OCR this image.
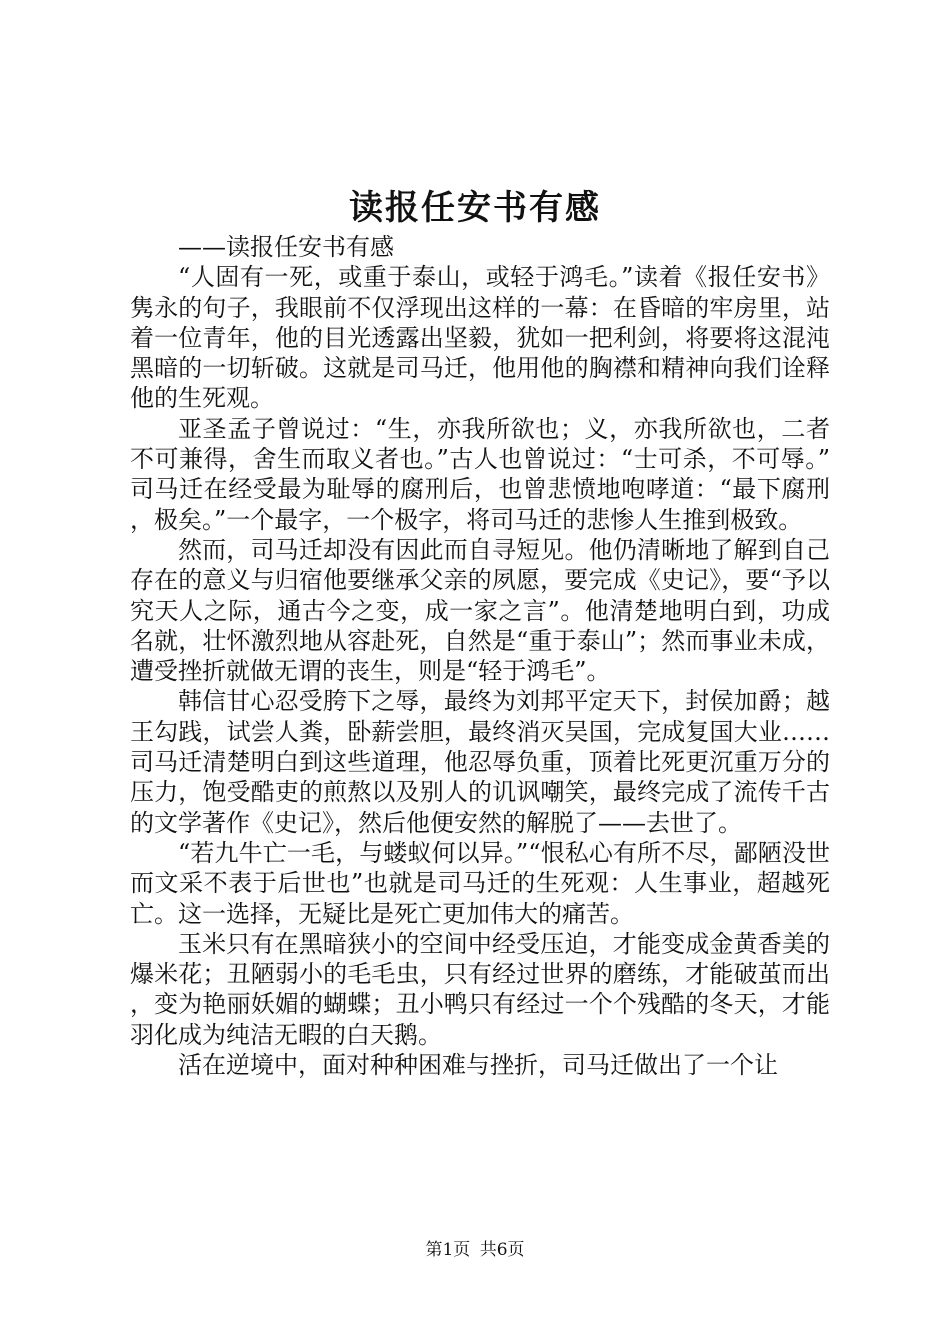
读报任安书有感

——读报任安书有感

“人固有一死，或重于泰山，或轻于鸿毛。”读着《报任安书》隽永的句子，我眼前不仅浮现出这样的一幕：在昏暗的牢房里，站着一位青年，他的目光透露出坚毅，犹如一把利剑，将要将这混沌黑暗的一切斩破。这就是司马迁，他用他的胸襟和精神向我们诠释他的生死观。

亚圣孟子曾说过：“生，亦我所欲也；义，亦我所欲也，二者不可兼得，舍生而取义者也。”古人也曾说过：“士可杀，不可辱。”司马迁在经受最为耻辱的腐刑后，也曾悲愤地咆哮道：“最下腐刑，极矣。”一个最字，一个极字，将司马迁的悲惨人生推到极致。

然而，司马迁却没有因此而自寻短见。他仍清晰地了解到自己存在的意义与归宿他要继承父亲的夙愿，要完成《史记》，要“予以究天人之际，通古今之变，成一家之言”。他清楚地明白到，功成名就，壮怀激烈地从容赴死，自然是“重于泰山”；然而事业未成，遭受挫折就做无谓的丧生，则是“轻于鸿毛”。

韩信甘心忍受胯下之辱，最终为刘邦平定天下，封侯加爵；越王勾践，试尝人粪，卧薪尝胆，最终消灭吴国，完成复国大业……司马迁清楚明白到这些道理，他忍辱负重，顶着比死更沉重万分的压力，饱受酷吏的煎熬以及别人的讥讽嘲笑，最终完成了流传千古的文学著作《史记》，然后他便安然的解脱了——去世了。

“若九牛亡一毛，与蝼蚁何以异。”“恨私心有所不尽，鄙陋没世而文采不表于后世也”也就是司马迁的生死观：人生事业，超越死亡。这一选择，无疑比是死亡更加伟大的痛苦。

玉米只有在黑暗狭小的空间中经受压迫，才能变成金黄香美的爆米花；丑陋弱小的毛毛虫，只有经过世界的磨练，才能破茧而出，变为艳丽妖媚的蝴蝶；丑小鸭只有经过一个个残酷的冬天，才能羽化成为纯洁无暇的白天鹅。

活在逆境中，面对种种困难与挫折，司马迁做出了一个让

第1页 共6页
